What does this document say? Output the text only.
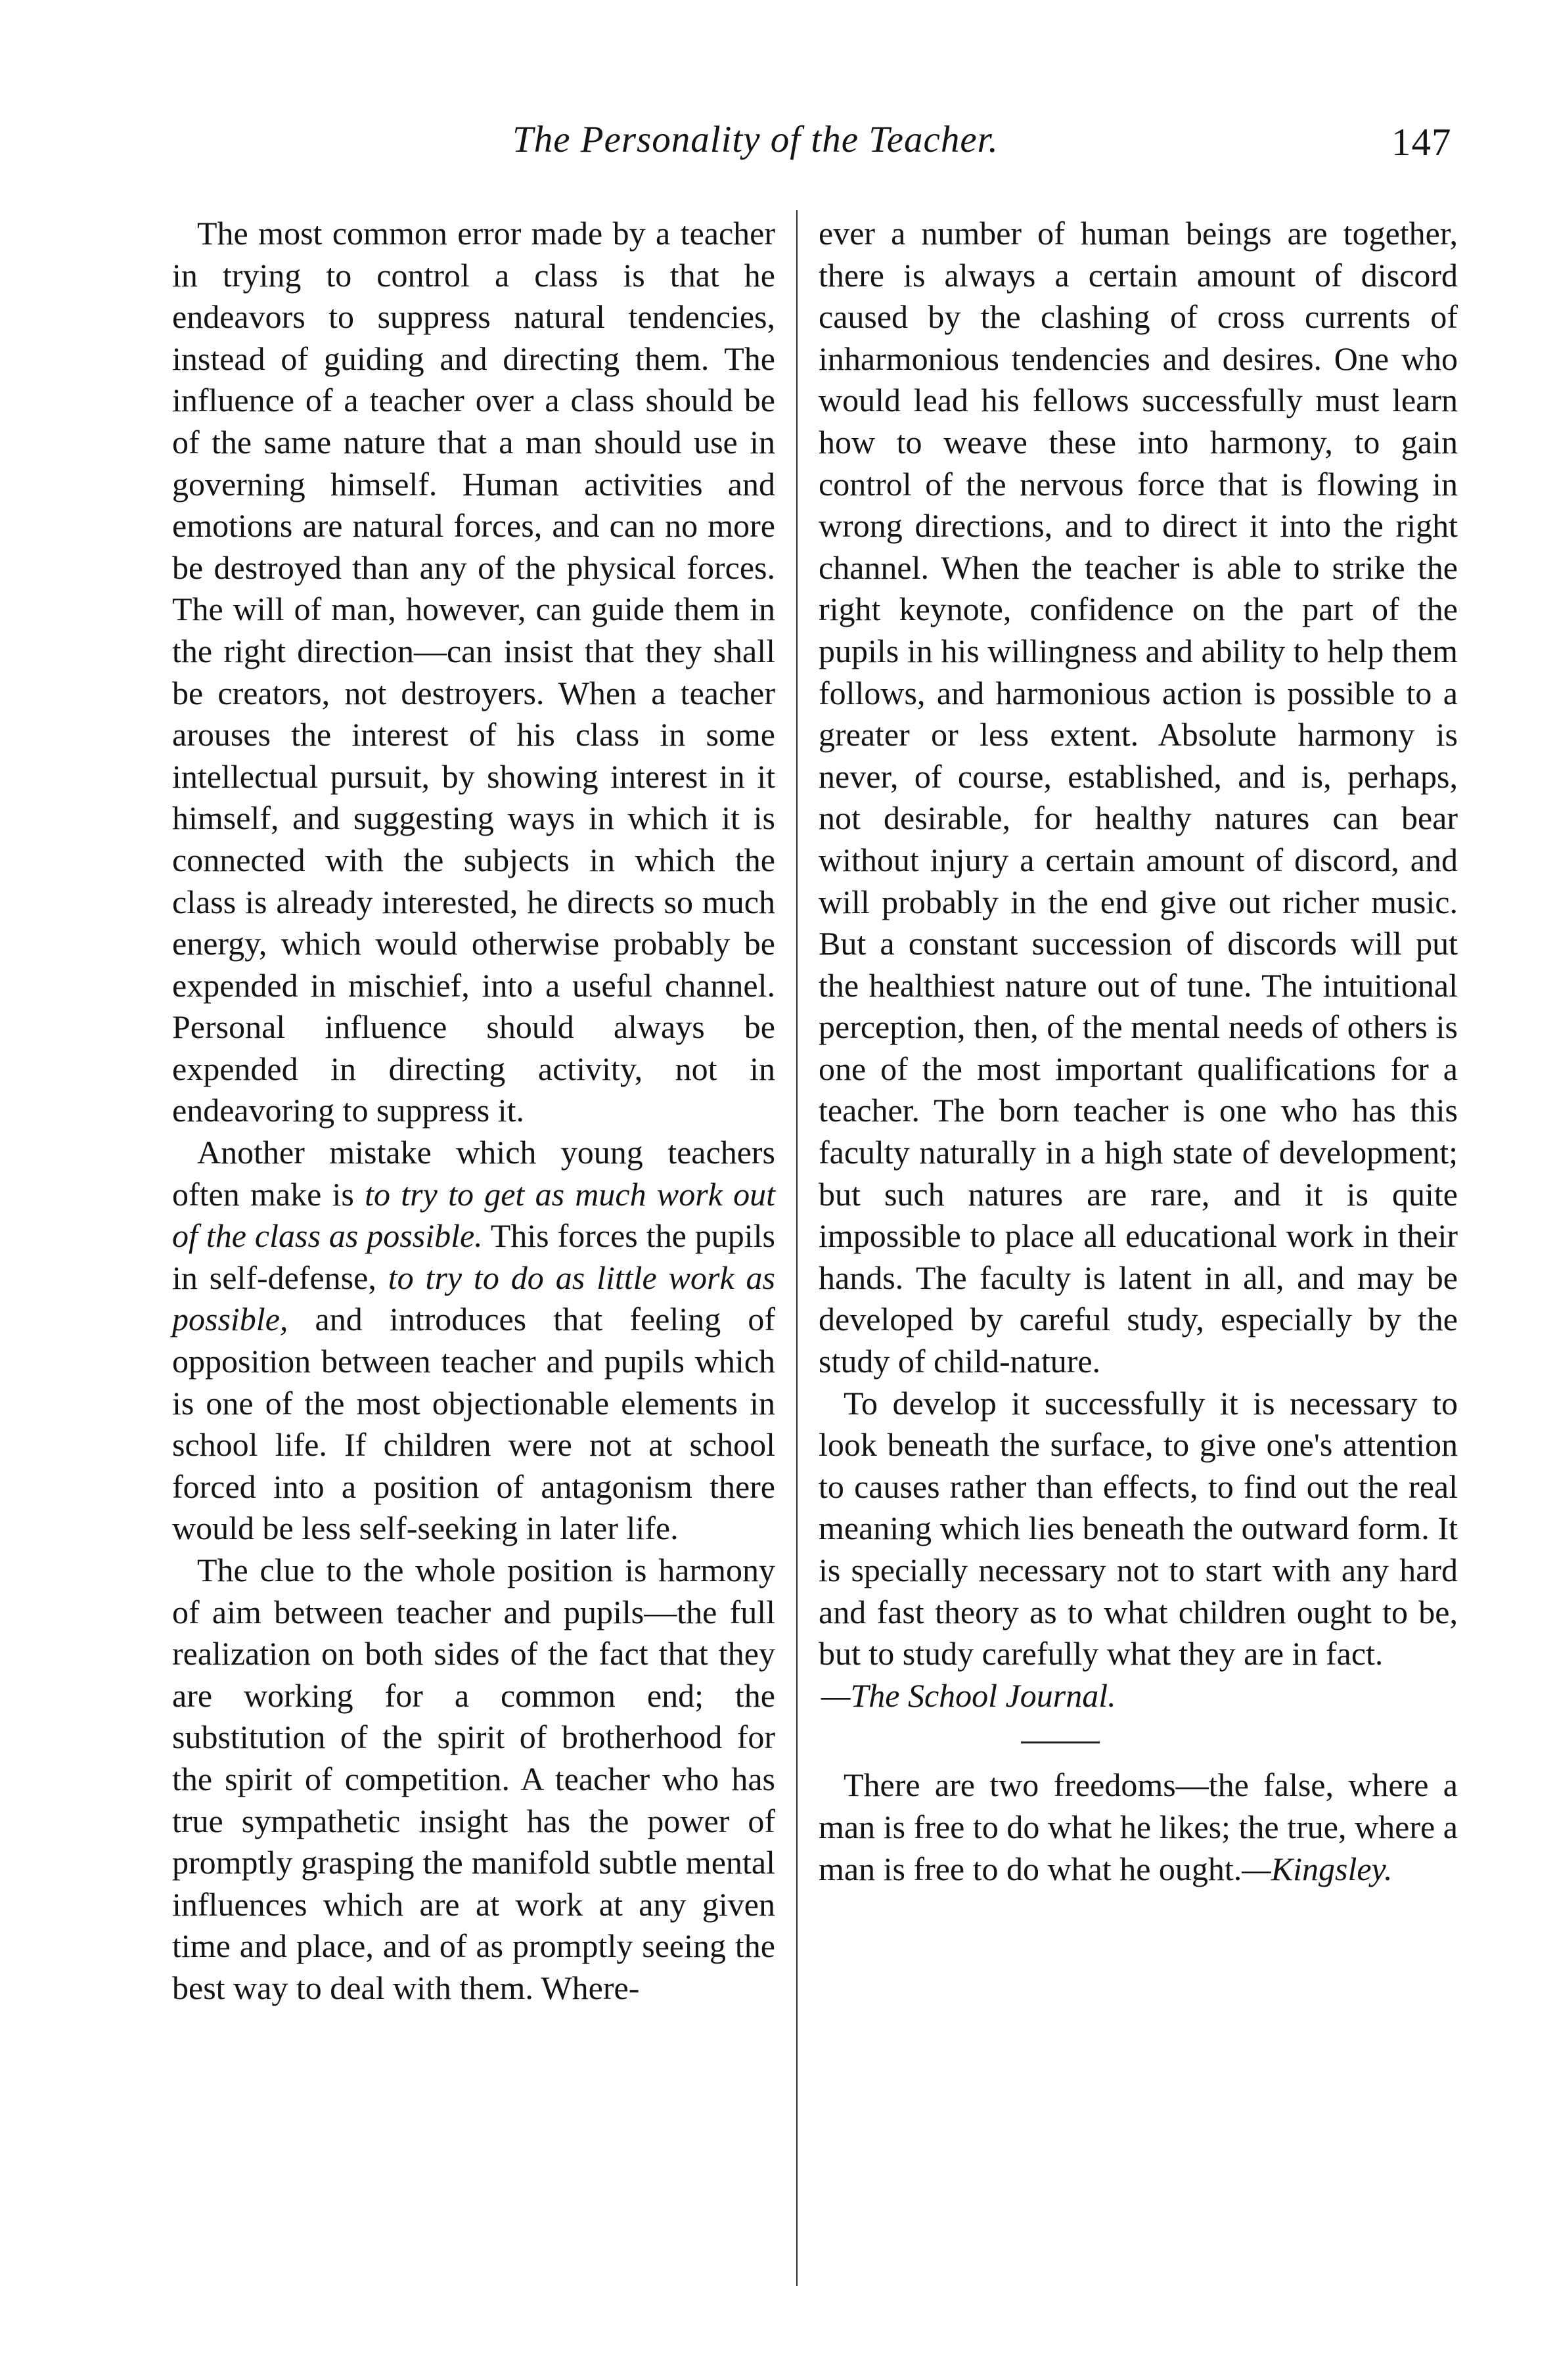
The Personality of the Teacher.	147

The most common error made by a teacher in trying to control a class is that he endeavors to suppress natural tendencies, instead of guiding and directing them. The influence of a teacher over a class should be of the same nature that a man should use in governing himself. Human activities and emotions are natural forces, and can no more be destroyed than any of the physical forces. The will of man, however, can guide them in the right direction—can insist that they shall be creators, not destroyers. When a teacher arouses the interest of his class in some intellectual pursuit, by showing interest in it himself, and suggesting ways in which it is connected with the subjects in which the class is already interested, he directs so much energy, which would otherwise probably be expended in mischief, into a useful channel. Personal influence should always be expended in directing activity, not in endeavoring to suppress it.

Another mistake which young teachers often make is to try to get as much work out of the class as possible. This forces the pupils in self-defense, to try to do as little work as possible, and introduces that feeling of opposition between teacher and pupils which is one of the most objectionable elements in school life. If children were not at school forced into a position of antagonism there would be less self-seeking in later life.

The clue to the whole position is harmony of aim between teacher and pupils—the full realization on both sides of the fact that they are working for a common end; the substitution of the spirit of brotherhood for the spirit of competition. A teacher who has true sympathetic insight has the power of promptly grasping the manifold subtle mental influences which are at work at any given time and place, and of as promptly seeing the best way to deal with them. Where-

ever a number of human beings are together, there is always a certain amount of discord caused by the clashing of cross currents of inharmonious tendencies and desires. One who would lead his fellows successfully must learn how to weave these into harmony, to gain control of the nervous force that is flowing in wrong directions, and to direct it into the right channel. When the teacher is able to strike the right keynote, confidence on the part of the pupils in his willingness and ability to help them follows, and harmonious action is possible to a greater or less extent. Absolute harmony is never, of course, established, and is, perhaps, not desirable, for healthy natures can bear without injury a certain amount of discord, and will probably in the end give out richer music. But a constant succession of discords will put the healthiest nature out of tune. The intuitional perception, then, of the mental needs of others is one of the most important qualifications for a teacher. The born teacher is one who has this faculty naturally in a high state of development; but such natures are rare, and it is quite impossible to place all educational work in their hands. The faculty is latent in all, and may be developed by careful study, especially by the study of child-nature.

To develop it successfully it is necessary to look beneath the surface, to give one's attention to causes rather than effects, to find out the real meaning which lies beneath the outward form. It is specially necessary not to start with any hard and fast theory as to what children ought to be, but to study carefully what they are in fact.

—The School Journal.

There are two freedoms—the false, where a man is free to do what he likes; the true, where a man is free to do what he ought.—Kingsley.
